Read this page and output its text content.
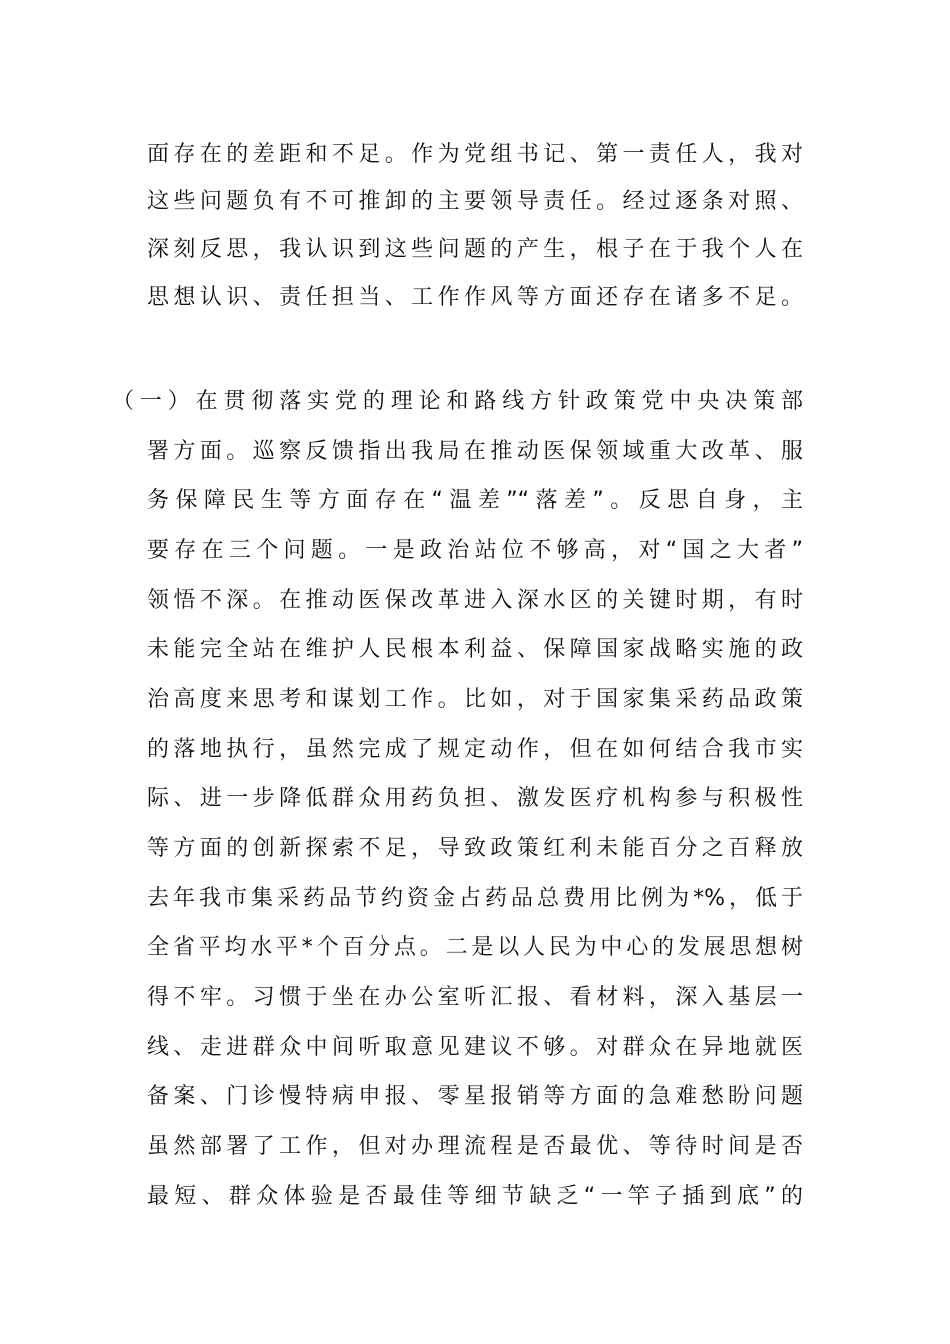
面存在的差距和不足。作为党组书记、第一责任人，我对
这些问题负有不可推卸的主要领导责任。经过逐条对照、
深刻反思，我认识到这些问题的产生，根子在于我个人在
思想认识、责任担当、工作作风等方面还存在诸多不足。
（一）在贯彻落实党的理论和路线方针政策党中央决策部
署方面。巡察反馈指出我局在推动医保领域重大改革、服
务保障民生等方面存在“温差”“落差”。反思自身，主
要存在三个问题。一是政治站位不够高，对“国之大者”
领悟不深。在推动医保改革进入深水区的关键时期，有时
未能完全站在维护人民根本利益、保障国家战略实施的政
治高度来思考和谋划工作。比如，对于国家集采药品政策
的落地执行，虽然完成了规定动作，但在如何结合我市实
际、进一步降低群众用药负担、激发医疗机构参与积极性
等方面的创新探索不足，导致政策红利未能百分之百释放
去年我市集采药品节约资金占药品总费用比例为*%，低于
全省平均水平*个百分点。二是以人民为中心的发展思想树
得不牢。习惯于坐在办公室听汇报、看材料，深入基层一
线、走进群众中间听取意见建议不够。对群众在异地就医
备案、门诊慢特病申报、零星报销等方面的急难愁盼问题
虽然部署了工作，但对办理流程是否最优、等待时间是否
最短、群众体验是否最佳等细节缺乏“一竿子插到底”的
